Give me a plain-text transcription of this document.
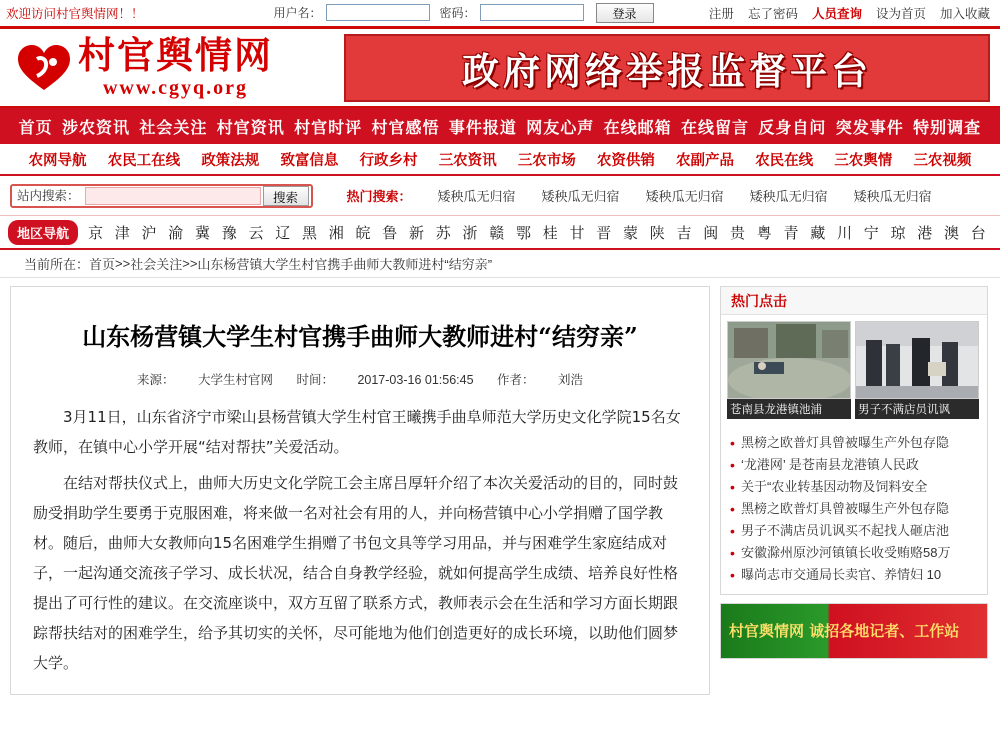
欢迎访问村官舆情网！！	用户名：	密码：	登录	注册 忘了密码 人员查询 设为首页 加入收藏
村官舆情网
www.cgyq.org	政府网络举报监督平台
首页 涉农资讯 社会关注 村官资讯 村官时评 村官感悟 事件报道 网友心声 在线邮箱 在线留言 反身自问 突发事件 特别调查
农网导航 农民工在线 政策法规 致富信息 行政乡村 三农资讯 三农市场 农资供销 农副产品 农民在线 三农舆情 三农视频
站内搜索：	搜索	热门搜索： 矮秧瓜无归宿 矮秧瓜无归宿 矮秧瓜无归宿 矮秧瓜无归宿 矮秧瓜无归宿
地区导航	京 津 沪 渝 冀 豫 云 辽 黑 湘 皖 鲁 新 苏 浙 赣 鄂 桂 甘 晋 蒙 陕 吉 闽 贵 粤 青 藏 川 宁 琼 港 澳 台
当前所在： 首页 >> 社会关注 >> 山东杨营镇大学生村官携手曲师大教师进村“结穷亲”
山东杨营镇大学生村官携手曲师大教师进村“结穷亲”
来源： 大学生村官网 时间： 2017-03-16 01:56:45 作者： 刘浩

3月11日，山东省济宁市梁山县杨营镇大学生村官王曦携手曲阜师范大学历史文化学院15名女教师，在镇中心小学开展“结对帮扶”关爱活动。

在结对帮扶仪式上，曲师大历史文化学院工会主席吕厚轩介绍了本次关爱活动的目的，同时鼓励受捐助学生要勇于克服困难，将来做一名对社会有用的人，并向杨营镇中心小学捐赠了国学教材。随后，曲师大女教师向15名困难学生捐赠了书包文具等学习用品，并与困难学生家庭结成对子，一起沟通交流孩子学习、成长状况，结合自身教学经验，就如何提高学生成绩、培养良好性格提出了可行性的建议。在交流座谈中，双方互留了联系方式，教师表示会在生活和学习方面长期跟踪帮扶结对的困难学生，给予其切实的关怀，尽可能地为他们创造更好的成长环境，以助他们圆梦大学。

热门点击
苍南县龙港镇池浦	男子不满店员讥讽
• 黑榜之欧普灯具曾被曝生产外包存隐
• ‘龙港网’ 是苍南县龙港镇人民政
• 关于“农业转基因动物及饲料安全
• 黑榜之欧普灯具曾被曝生产外包存隐
• 男子不满店员讥讽买不起找人砸店池
• 安徽滁州原沙河镇镇长收受贿赂58万
• 曝尚志市交通局长卖官、养情妇 10
村官舆情网 诚招各地记者、工作站
